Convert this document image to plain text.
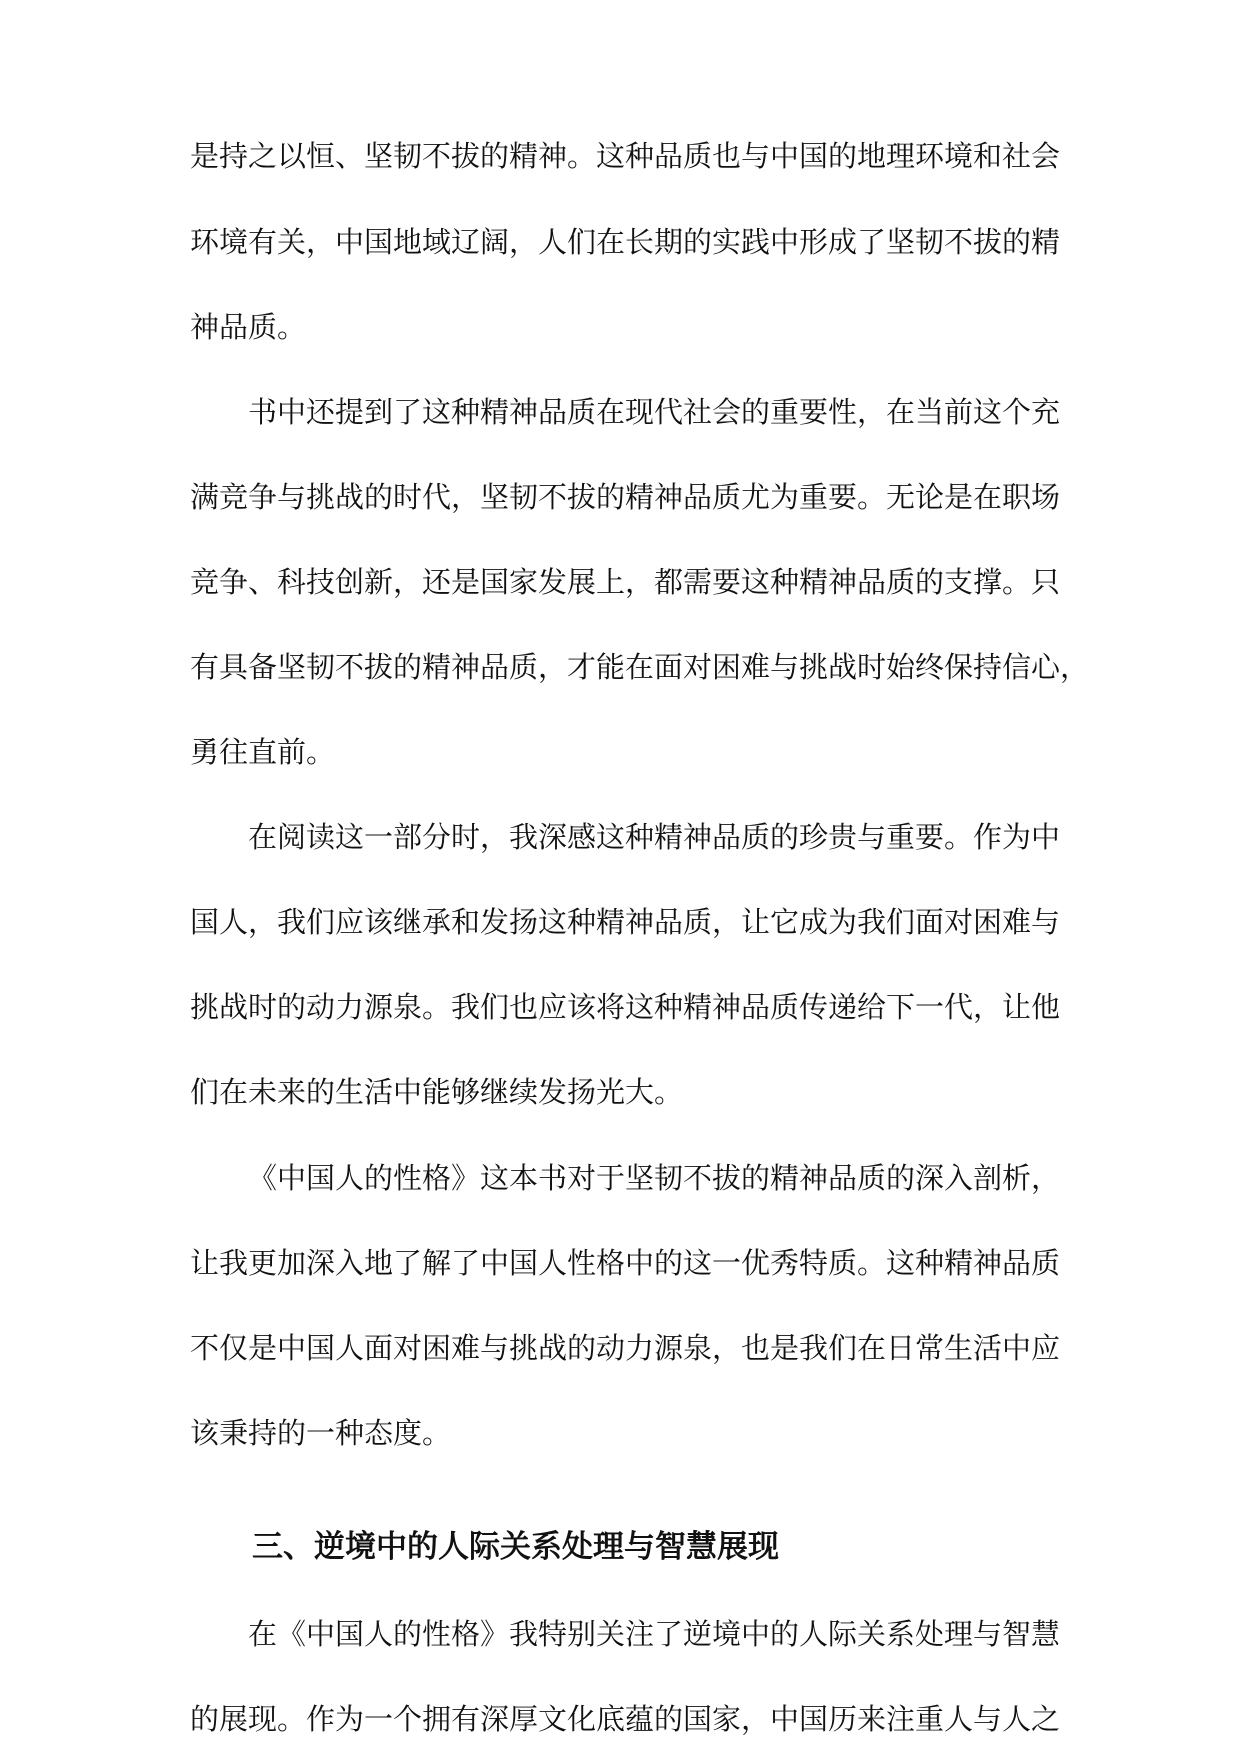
是持之以恒、坚韧不拔的精神。这种品质也与中国的地理环境和社会
环境有关，中国地域辽阔，人们在长期的实践中形成了坚韧不拔的精
神品质。
书中还提到了这种精神品质在现代社会的重要性，在当前这个充
满竞争与挑战的时代，坚韧不拔的精神品质尤为重要。无论是在职场
竞争、科技创新，还是国家发展上，都需要这种精神品质的支撑。只
有具备坚韧不拔的精神品质，才能在面对困难与挑战时始终保持信心，
勇往直前。
在阅读这一部分时，我深感这种精神品质的珍贵与重要。作为中
国人，我们应该继承和发扬这种精神品质，让它成为我们面对困难与
挑战时的动力源泉。我们也应该将这种精神品质传递给下一代，让他
们在未来的生活中能够继续发扬光大。
《中国人的性格》这本书对于坚韧不拔的精神品质的深入剖析，
让我更加深入地了解了中国人性格中的这一优秀特质。这种精神品质
不仅是中国人面对困难与挑战的动力源泉，也是我们在日常生活中应
该秉持的一种态度。
三、逆境中的人际关系处理与智慧展现
在《中国人的性格》我特别关注了逆境中的人际关系处理与智慧
的展现。作为一个拥有深厚文化底蕴的国家，中国历来注重人与人之
